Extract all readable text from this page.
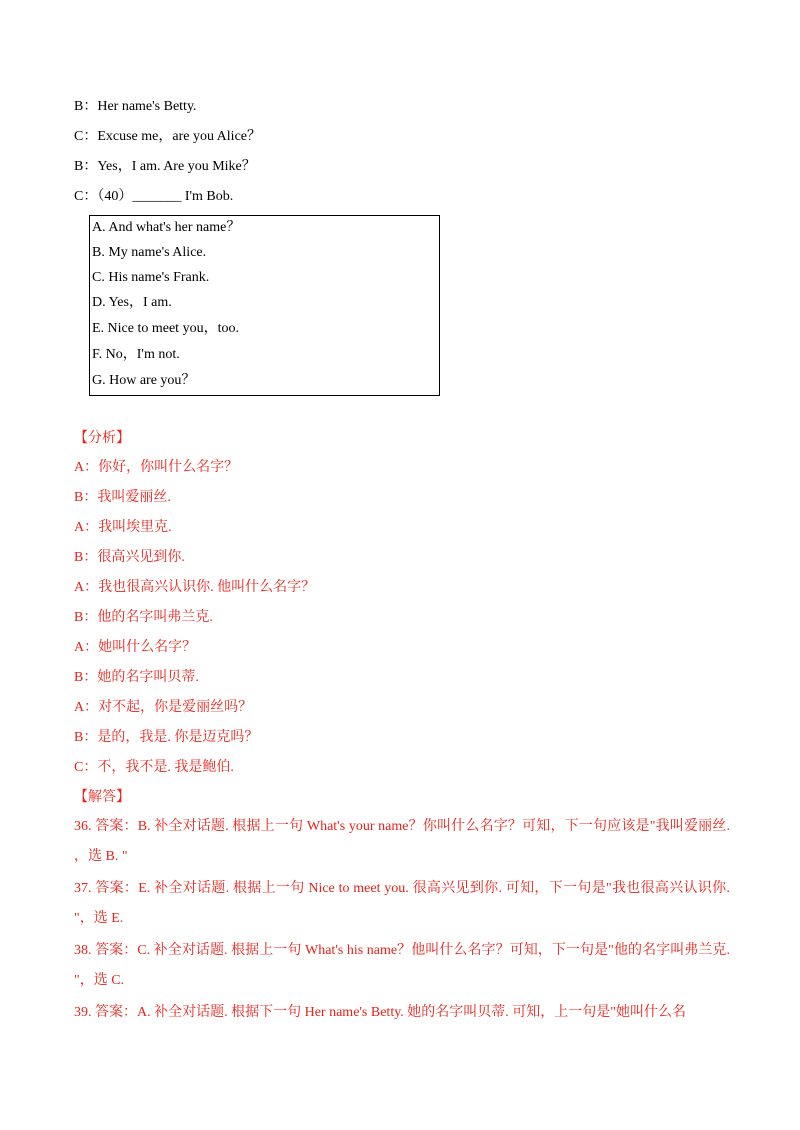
B：Her name's Betty.
C：Excuse me，are you Alice？
B：Yes，I am. Are you Mike？
C：（40）_______ I'm Bob.
A. And what's her name？
B. My name's Alice.
C. His name's Frank.
D. Yes，I am.
E. Nice to meet you，too.
F. No，I'm not.
G. How are you？
【分析】
A：你好，你叫什么名字？
B：我叫爱丽丝.
A：我叫埃里克.
B：很高兴见到你.
A：我也很高兴认识你. 他叫什么名字？
B：他的名字叫弗兰克.
A：她叫什么名字？
B：她的名字叫贝蒂.
A：对不起，你是爱丽丝吗？
B：是的，我是. 你是迈克吗？
C：不，我不是. 我是鲍伯.
【解答】
36. 答案：B. 补全对话题. 根据上一句 What's your name？你叫什么名字？可知，下一句应该是"我叫爱丽丝. ，选 B. "
37. 答案：E. 补全对话题. 根据上一句 Nice to meet you. 很高兴见到你. 可知，下一句是"我也很高兴认识你. "，选 E.
38. 答案：C. 补全对话题. 根据上一句 What's his name？他叫什么名字？可知，下一句是"他的名字叫弗兰克. "，选 C.
39. 答案：A. 补全对话题. 根据下一句 Her name's Betty. 她的名字叫贝蒂. 可知，上一句是"她叫什么名
